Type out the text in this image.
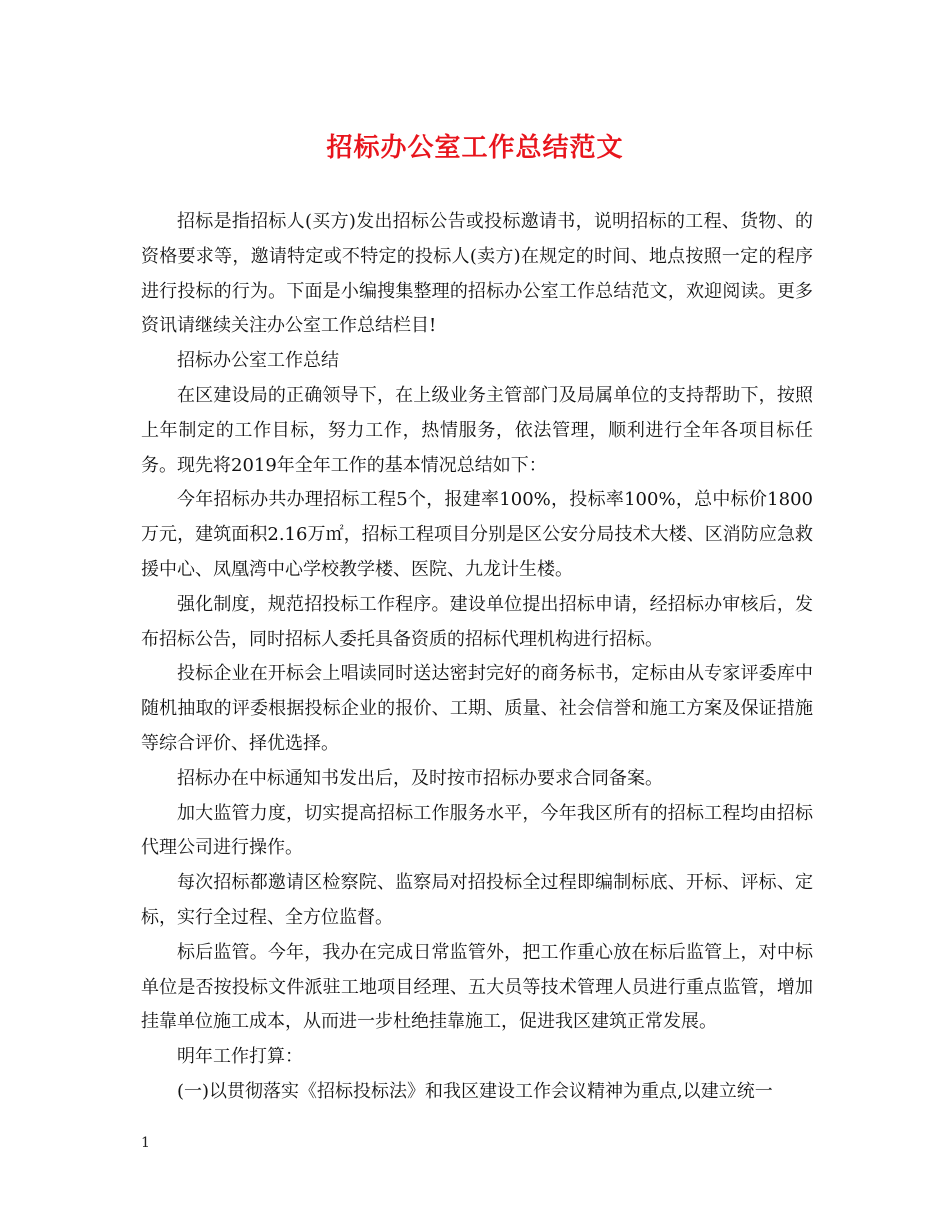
招标办公室工作总结范文

招标是指招标人(买方)发出招标公告或投标邀请书，说明招标的工程、货物、的资格要求等，邀请特定或不特定的投标人(卖方)在规定的时间、地点按照一定的程序进行投标的行为。下面是小编搜集整理的招标办公室工作总结范文，欢迎阅读。更多资讯请继续关注办公室工作总结栏目!

招标办公室工作总结

在区建设局的正确领导下，在上级业务主管部门及局属单位的支持帮助下，按照上年制定的工作目标，努力工作，热情服务，依法管理，顺利进行全年各项目标任务。现先将2019年全年工作的基本情况总结如下：

今年招标办共办理招标工程5个，报建率100%，投标率100%，总中标价1800万元，建筑面积2.16万㎡，招标工程项目分别是区公安分局技术大楼、区消防应急救援中心、凤凰湾中心学校教学楼、医院、九龙计生楼。

强化制度，规范招投标工作程序。建设单位提出招标申请，经招标办审核后，发布招标公告，同时招标人委托具备资质的招标代理机构进行招标。

投标企业在开标会上唱读同时送达密封完好的商务标书，定标由从专家评委库中随机抽取的评委根据投标企业的报价、工期、质量、社会信誉和施工方案及保证措施等综合评价、择优选择。

招标办在中标通知书发出后，及时按市招标办要求合同备案。

加大监管力度，切实提高招标工作服务水平，今年我区所有的招标工程均由招标代理公司进行操作。

每次招标都邀请区检察院、监察局对招投标全过程即编制标底、开标、评标、定标，实行全过程、全方位监督。

标后监管。今年，我办在完成日常监管外，把工作重心放在标后监管上，对中标单位是否按投标文件派驻工地项目经理、五大员等技术管理人员进行重点监管，增加挂靠单位施工成本，从而进一步杜绝挂靠施工，促进我区建筑正常发展。

明年工作打算：

(一)以贯彻落实《招标投标法》和我区建设工作会议精神为重点,以建立统一

1
